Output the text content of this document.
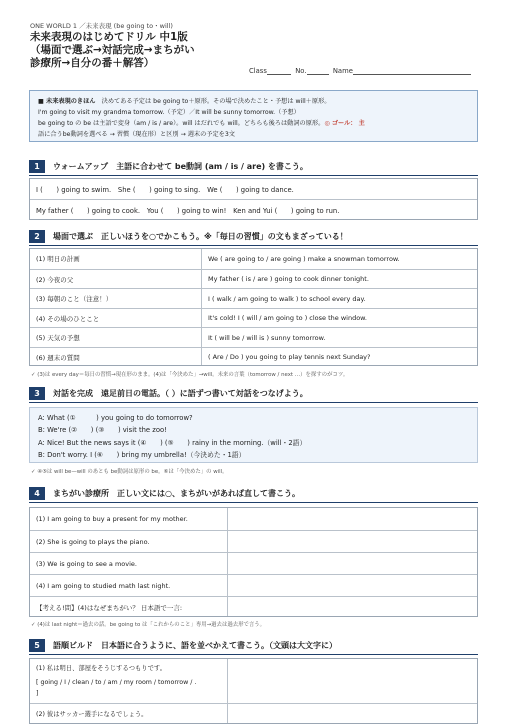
ONE WORLD 1 ／未来表現 (be going to・will)
未来表現のはじめてドリル 中1版
（場面で選ぶ→対話完成→まちがい
診療所→自分の番＋解答）
Class	No.	Name
■ 未来表現のきほん　決めてある予定は be going to＋原形。その場で決めたこと・予想は will＋原形。
I'm going to visit my grandma tomorrow.（予定）／It will be sunny tomorrow.（予想）
be going to の be は主語で変身（am / is / are）。will はだれでも will。どちらも後ろは動詞の原形。◎ ゴール： 主
語に合うbe動詞を選べる → 習慣（現在形）と区別 → 週末の予定を3文
1	ウォームアップ　主語に合わせて be動詞 (am / is / are) を書こう。
I (　　) going to swim.　She (　　) going to sing.　We (　　) going to dance.
My father (　　) going to cook.　You (　　) going to win!　Ken and Yui (　　) going to run.
2	場面で選ぶ　正しいほうを○でかこもう。※「毎日の習慣」の文もまざっている！
(1) 明日の計画	We ( are going to / are going ) make a snowman tomorrow.
(2) 今夜の父	My father ( is / are ) going to cook dinner tonight.
(3) 毎朝のこと（注意！）	I ( walk / am going to walk ) to school every day.
(4) その場のひとこと	It's cold! I ( will / am going to ) close the window.
(5) 天気の予想	It ( will be / will is ) sunny tomorrow.
(6) 週末の質問	( Are / Do ) you going to play tennis next Sunday?
✓ (3)は every day＝毎日の習慣→現在形のまま。(4)は「今決めた」→will。未来の言葉（tomorrow / next …）を探すのがコツ。
3	対話を完成　遠足前日の電話。（ ）に語ずつ書いて対話をつなげよう。
A: What (①　　　) you going to do tomorrow?
B: We're (②　　) (③　　) visit the zoo!
A: Nice! But the news says it (④　　) (⑤　　) rainy in the morning.（will・2語）
B: Don't worry. I (⑥　　) bring my umbrella!（今決めた・1語）
✓ ④⑤は will be—will のあとも be動詞は原形の be。⑥は「今決めた」の will。
4	まちがい診療所　正しい文には○、まちがいがあれば直して書こう。
(1) I am going to buy a present for my mother.
(2) She is going to plays the piano.
(3) We is going to see a movie.
(4) I am going to studied math last night.
【考える!問】(4)はなぜまちがい？ 日本語で一言:
✓ (4)は last night＝過去の話。be going to は「これからのこと」専用→過去は過去形で言う。
5	語順ビルド　日本語に合うように、語を並べかえて書こう。（文頭は大文字に）
(1) 私は明日、部屋をそうじするつもりです。
[ going / I / clean / to / am / my room / tomorrow / .
]
(2) 彼はサッカー選手になるでしょう。
